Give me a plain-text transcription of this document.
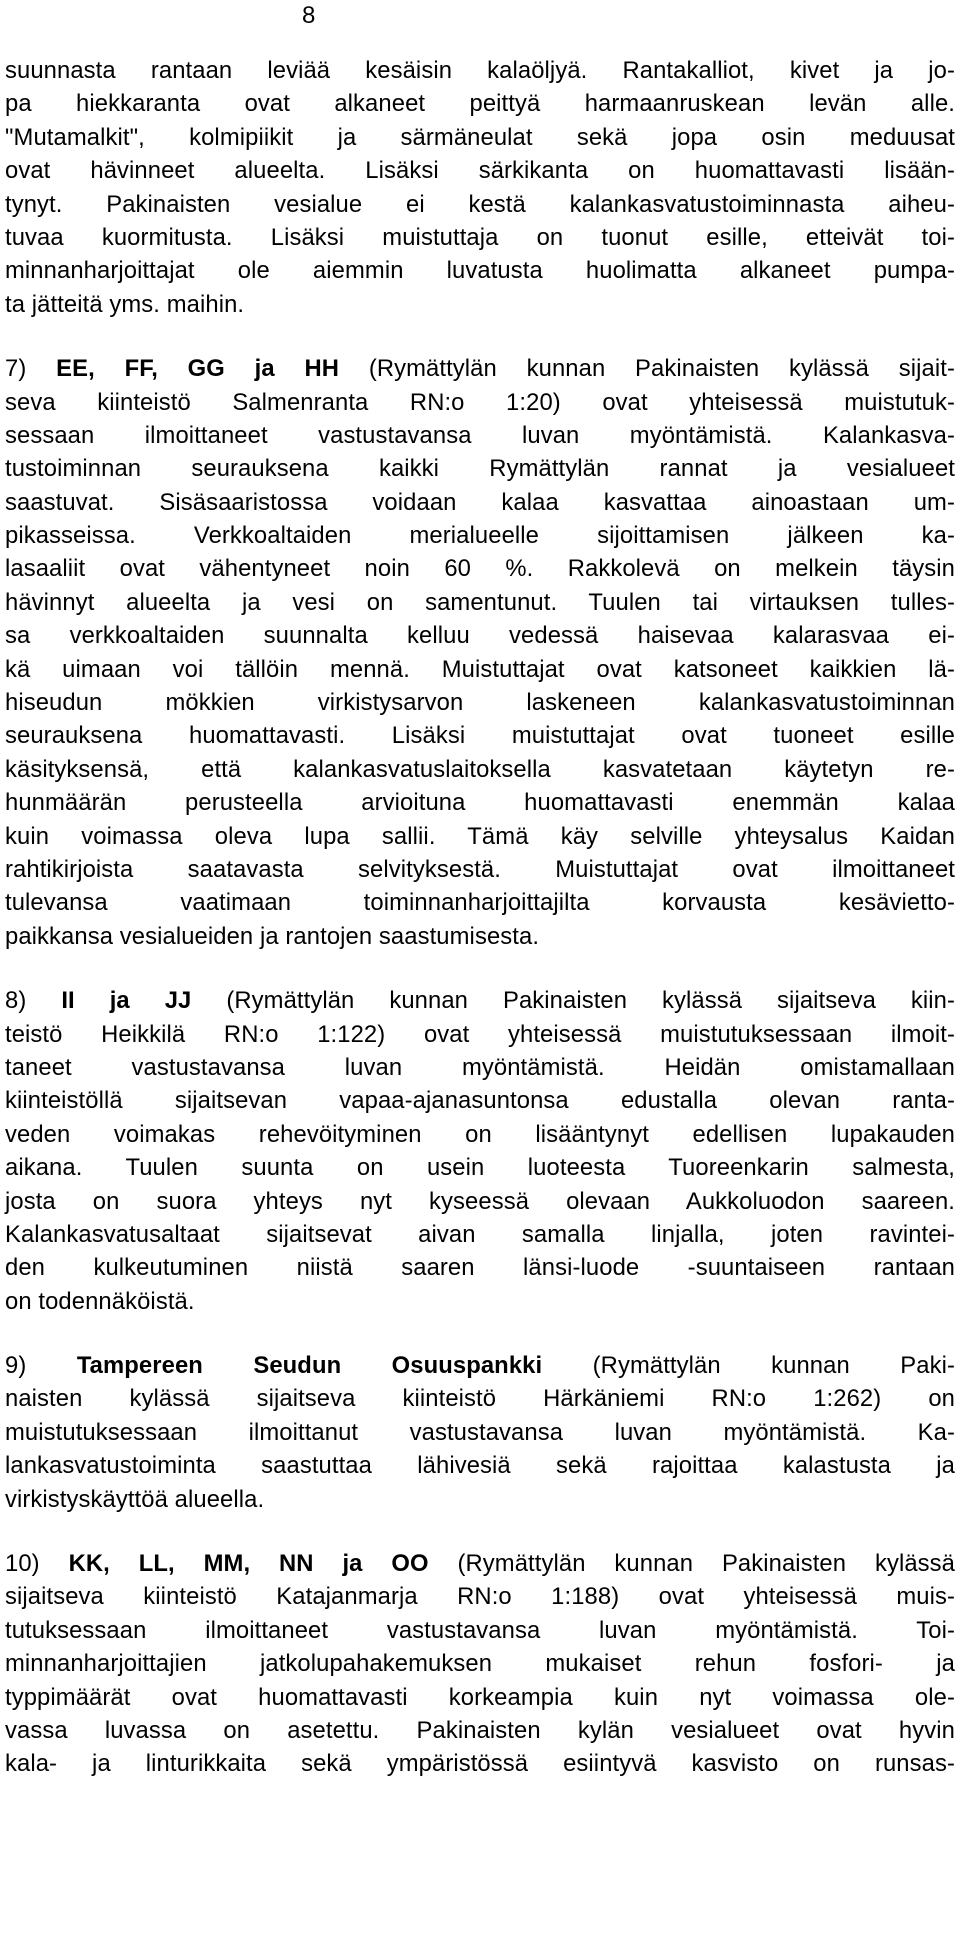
8
suunnasta rantaan leviää kesäisin kalaöljyä. Rantakalliot, kivet ja jo-
pa hiekkaranta ovat alkaneet peittyä harmaanruskean levän alle.
"Mutamalkit", kolmipiikit ja särmäneulat sekä jopa osin meduusat
ovat hävinneet alueelta. Lisäksi särkikanta on huomattavasti lisään-
tynyt. Pakinaisten vesialue ei kestä kalankasvatustoiminnasta aiheu-
tuvaa kuormitusta. Lisäksi muistuttaja on tuonut esille, etteivät toi-
minnanharjoittajat ole aiemmin luvatusta huolimatta alkaneet pumpa-
ta jätteitä yms. maihin.
7) EE, FF, GG ja HH (Rymättylän kunnan Pakinaisten kylässä sijait-
seva kiinteistö Salmenranta RN:o 1:20) ovat yhteisessä muistutuk-
sessaan ilmoittaneet vastustavansa luvan myöntämistä. Kalankasva-
tustoiminnan seurauksena kaikki Rymättylän rannat ja vesialueet
saastuvat. Sisäsaaristossa voidaan kalaa kasvattaa ainoastaan um-
pikasseissa. Verkkoaltaiden merialueelle sijoittamisen jälkeen ka-
lasaaliit ovat vähentyneet noin 60 %. Rakkolevä on melkein täysin
hävinnyt alueelta ja vesi on samentunut. Tuulen tai virtauksen tulles-
sa verkkoaltaiden suunnalta kelluu vedessä haisevaa kalarasvaa ei-
kä uimaan voi tällöin mennä. Muistuttajat ovat katsoneet kaikkien lä-
hiseudun mökkien virkistysarvon laskeneen kalankasvatustoiminnan
seurauksena huomattavasti. Lisäksi muistuttajat ovat tuoneet esille
käsityksensä, että kalankasvatuslaitoksella kasvatetaan käytetyn re-
hunmäärän perusteella arvioituna huomattavasti enemmän kalaa
kuin voimassa oleva lupa sallii. Tämä käy selville yhteysalus Kaidan
rahtikirjoista saatavasta selvityksestä. Muistuttajat ovat ilmoittaneet
tulevansa vaatimaan toiminnanharjoittajilta korvausta kesävietto-
paikkansa vesialueiden ja rantojen saastumisesta.
8) II ja JJ (Rymättylän kunnan Pakinaisten kylässä sijaitseva kiin-
teistö Heikkilä RN:o 1:122) ovat yhteisessä muistutuksessaan ilmoit-
taneet vastustavansa luvan myöntämistä. Heidän omistamallaan
kiinteistöllä sijaitsevan vapaa-ajanasuntonsa edustalla olevan ranta-
veden voimakas rehevöityminen on lisääntynyt edellisen lupakauden
aikana. Tuulen suunta on usein luoteesta Tuoreenkarin salmesta,
josta on suora yhteys nyt kyseessä olevaan Aukkoluodon saareen.
Kalankasvatusaltaat sijaitsevat aivan samalla linjalla, joten ravintei-
den kulkeutuminen niistä saaren länsi-luode -suuntaiseen rantaan
on todennäköistä.
9) Tampereen Seudun Osuuspankki (Rymättylän kunnan Paki-
naisten kylässä sijaitseva kiinteistö Härkäniemi RN:o 1:262) on
muistutuksessaan ilmoittanut vastustavansa luvan myöntämistä. Ka-
lankasvatustoiminta saastuttaa lähivesiä sekä rajoittaa kalastusta ja
virkistyskäyttöä alueella.
10) KK, LL, MM, NN ja OO (Rymättylän kunnan Pakinaisten kylässä
sijaitseva kiinteistö Katajanmarja RN:o 1:188) ovat yhteisessä muis-
tutuksessaan ilmoittaneet vastustavansa luvan myöntämistä. Toi-
minnanharjoittajien jatkolupahakemuksen mukaiset rehun fosfori- ja
typpimäärät ovat huomattavasti korkeampia kuin nyt voimassa ole-
vassa luvassa on asetettu. Pakinaisten kylän vesialueet ovat hyvin
kala- ja linturikkaita sekä ympäristössä esiintyvä kasvisto on runsas-
